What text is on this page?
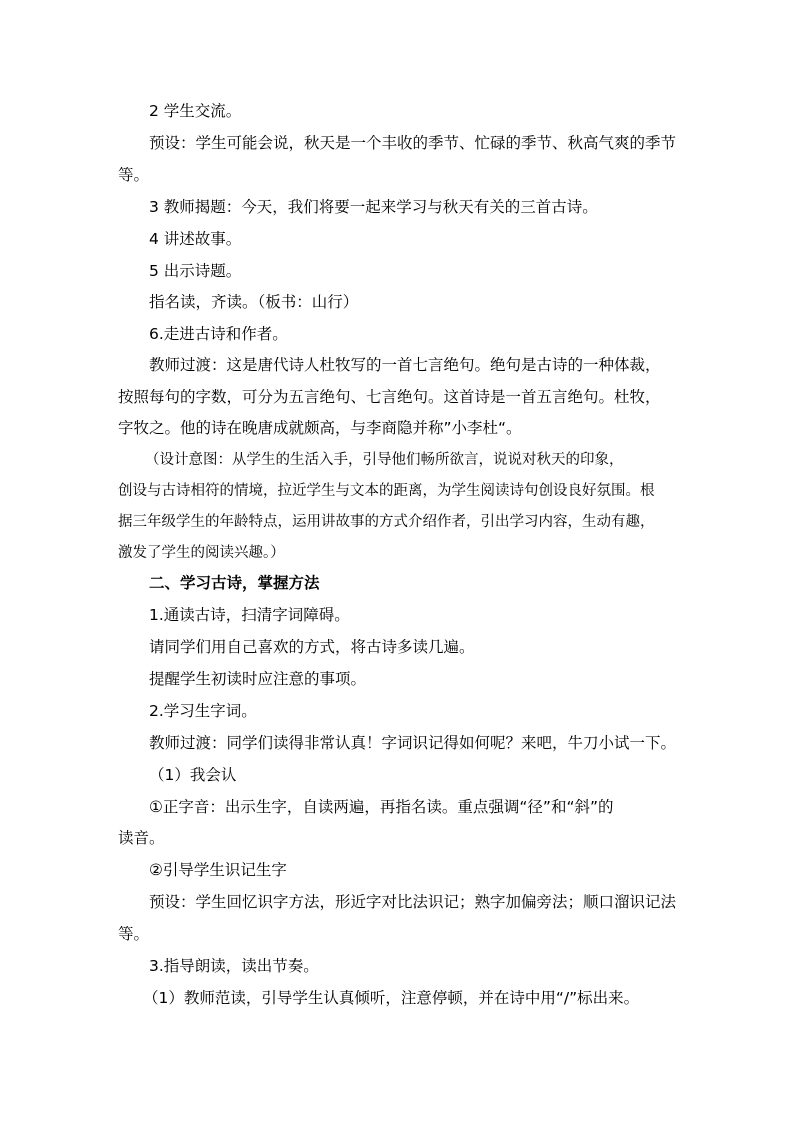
2 学生交流。
预设：学生可能会说，秋天是一个丰收的季节、忙碌的季节、秋高气爽的季节
等。
3 教师揭题：今天，我们将要一起来学习与秋天有关的三首古诗。
4 讲述故事。
5 出示诗题。
指名读，齐读。（板书：山行）
6.走进古诗和作者。
教师过渡：这是唐代诗人杜牧写的一首七言绝句。绝句是古诗的一种体裁，
按照每句的字数，可分为五言绝句、七言绝句。这首诗是一首五言绝句。杜牧，
字牧之。他的诗在晚唐成就颇高，与李商隐并称”小李杜“。
（设计意图：从学生的生活入手，引导他们畅所欲言，说说对秋天的印象，
创设与古诗相符的情境，拉近学生与文本的距离，为学生阅读诗句创设良好氛围。根
据三年级学生的年龄特点，运用讲故事的方式介绍作者，引出学习内容，生动有趣，
激发了学生的阅读兴趣。）
二、学习古诗，掌握方法
1.通读古诗，扫清字词障碍。
请同学们用自己喜欢的方式，将古诗多读几遍。
提醒学生初读时应注意的事项。
2.学习生字词。
教师过渡：同学们读得非常认真！字词识记得如何呢？来吧，牛刀小试一下。
（1）我会认
①正字音：出示生字，自读两遍，再指名读。重点强调“径”和“斜”的
读音。
②引导学生识记生字
预设：学生回忆识字方法，形近字对比法识记；熟字加偏旁法；顺口溜识记法
等。
3.指导朗读，读出节奏。
（1）教师范读，引导学生认真倾听，注意停顿，并在诗中用“/”标出来。
